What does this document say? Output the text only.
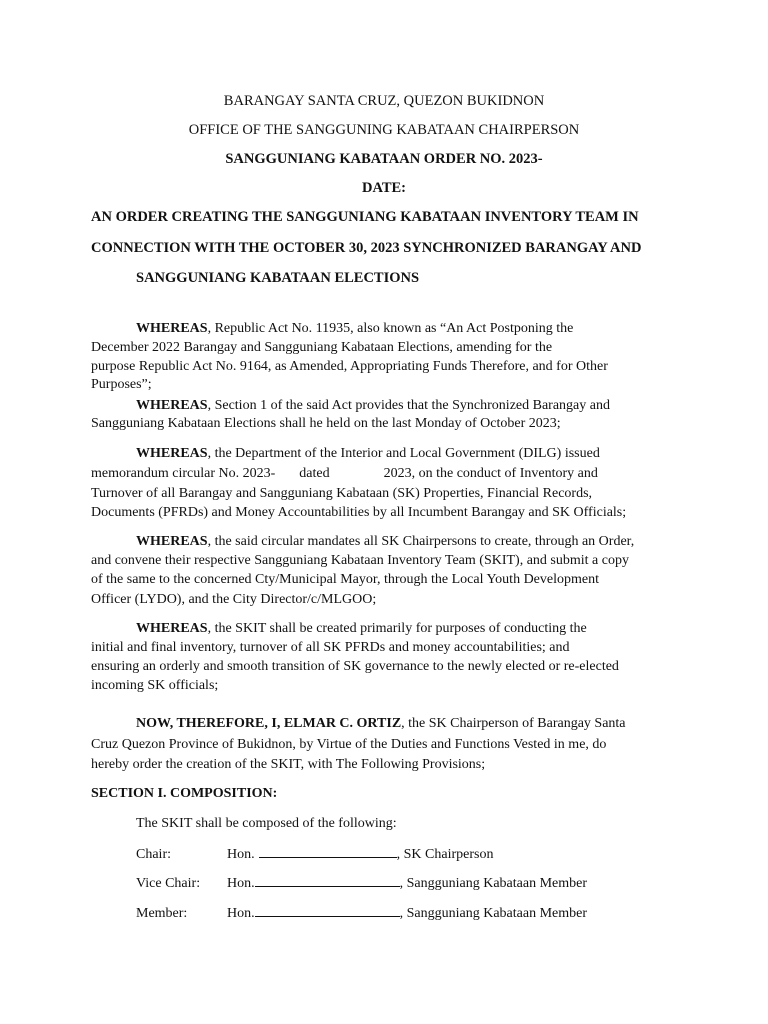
BARANGAY SANTA CRUZ, QUEZON BUKIDNON
OFFICE OF THE SANGGUNING KABATAAN CHAIRPERSON
SANGGUNIANG KABATAAN ORDER NO. 2023-
DATE:
AN ORDER CREATING THE SANGGUNIANG KABATAAN INVENTORY TEAM IN
CONNECTION WITH THE OCTOBER 30, 2023 SYNCHRONIZED BARANGAY AND
SANGGUNIANG KABATAAN ELECTIONS
WHEREAS, Republic Act No. 11935, also known as “An Act Postponing the
December 2022 Barangay and Sangguniang Kabataan Elections, amending for the
purpose Republic Act No. 9164, as Amended, Appropriating Funds Therefore, and for Other
Purposes”;
WHEREAS, Section 1 of the said Act provides that the Synchronized Barangay and
Sangguniang Kabataan Elections shall he held on the last Monday of October 2023;
WHEREAS, the Department of the Interior and Local Government (DILG) issued
memorandum circular No. 2023- dated	2023, on the conduct of Inventory and
Turnover of all Barangay and Sangguniang Kabataan (SK) Properties, Financial Records,
Documents (PFRDs) and Money Accountabilities by all Incumbent Barangay and SK Officials;
WHEREAS, the said circular mandates all SK Chairpersons to create, through an Order,
and convene their respective Sangguniang Kabataan Inventory Team (SKIT), and submit a copy
of the same to the concerned Cty/Municipal Mayor, through the Local Youth Development
Officer (LYDO), and the City Director/c/MLGOO;
WHEREAS, the SKIT shall be created primarily for purposes of conducting the
initial and final inventory, turnover of all SK PFRDs and money accountabilities; and
ensuring an orderly and smooth transition of SK governance to the newly elected or re-elected
incoming SK officials;
NOW, THEREFORE, I, ELMAR C. ORTIZ, the SK Chairperson of Barangay Santa
Cruz Quezon Province of Bukidnon, by Virtue of the Duties and Functions Vested in me, do
hereby order the creation of the SKIT, with The Following Provisions;
SECTION I. COMPOSITION:
The SKIT shall be composed of the following:
Chair:	Hon.	, SK Chairperson
Vice Chair: Hon.	, Sangguniang Kabataan Member
Member:	Hon.	, Sangguniang Kabataan Member
